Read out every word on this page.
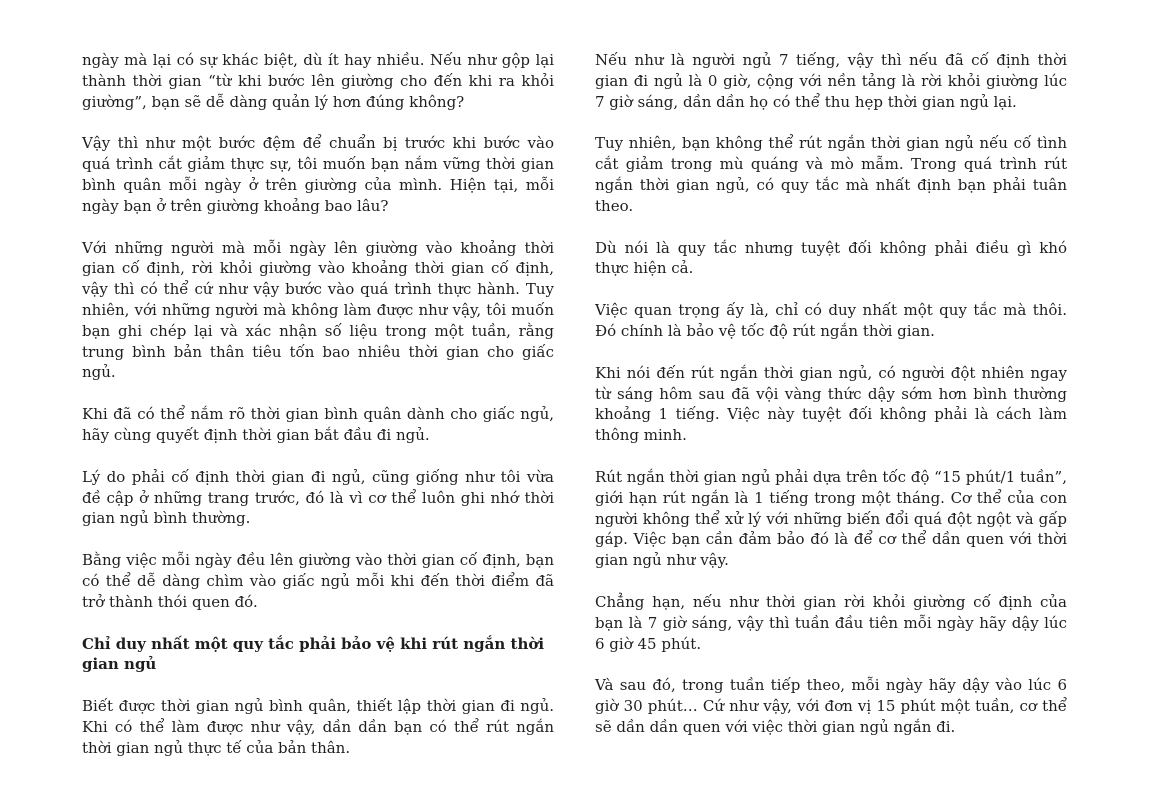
ngày mà lại có sự khác biệt, dù ít hay nhiều. Nếu như gộp lại thành thời gian “từ khi bước lên giường cho đến khi ra khỏi giường”, bạn sẽ dễ dàng quản lý hơn đúng không?

Vậy thì như một bước đệm để chuẩn bị trước khi bước vào quá trình cắt giảm thực sự, tôi muốn bạn nắm vững thời gian bình quân mỗi ngày ở trên giường của mình. Hiện tại, mỗi ngày bạn ở trên giường khoảng bao lâu?

Với những người mà mỗi ngày lên giường vào khoảng thời gian cố định, rời khỏi giường vào khoảng thời gian cố định, vậy thì có thể cứ như vậy bước vào quá trình thực hành. Tuy nhiên, với những người mà không làm được như vậy, tôi muốn bạn ghi chép lại và xác nhận số liệu trong một tuần, rằng trung bình bản thân tiêu tốn bao nhiêu thời gian cho giấc ngủ.

Khi đã có thể nắm rõ thời gian bình quân dành cho giấc ngủ, hãy cùng quyết định thời gian bắt đầu đi ngủ.

Lý do phải cố định thời gian đi ngủ, cũng giống như tôi vừa đề cập ở những trang trước, đó là vì cơ thể luôn ghi nhớ thời gian ngủ bình thường.

Bằng việc mỗi ngày đều lên giường vào thời gian cố định, bạn có thể dễ dàng chìm vào giấc ngủ mỗi khi đến thời điểm đã trở thành thói quen đó.

Chỉ duy nhất một quy tắc phải bảo vệ khi rút ngắn thời gian ngủ

Biết được thời gian ngủ bình quân, thiết lập thời gian đi ngủ. Khi có thể làm được như vậy, dần dần bạn có thể rút ngắn thời gian ngủ thực tế của bản thân.

Nếu như là người ngủ 7 tiếng, vậy thì nếu đã cố định thời gian đi ngủ là 0 giờ, cộng với nền tảng là rời khỏi giường lúc 7 giờ sáng, dần dần họ có thể thu hẹp thời gian ngủ lại.

Tuy nhiên, bạn không thể rút ngắn thời gian ngủ nếu cố tình cắt giảm trong mù quáng và mò mẫm. Trong quá trình rút ngắn thời gian ngủ, có quy tắc mà nhất định bạn phải tuân theo.

Dù nói là quy tắc nhưng tuyệt đối không phải điều gì khó thực hiện cả.

Việc quan trọng ấy là, chỉ có duy nhất một quy tắc mà thôi. Đó chính là bảo vệ tốc độ rút ngắn thời gian.

Khi nói đến rút ngắn thời gian ngủ, có người đột nhiên ngay từ sáng hôm sau đã vội vàng thức dậy sớm hơn bình thường khoảng 1 tiếng. Việc này tuyệt đối không phải là cách làm thông minh.

Rút ngắn thời gian ngủ phải dựa trên tốc độ “15 phút/1 tuần”, giới hạn rút ngắn là 1 tiếng trong một tháng. Cơ thể của con người không thể xử lý với những biến đổi quá đột ngột và gấp gáp. Việc bạn cần đảm bảo đó là để cơ thể dần quen với thời gian ngủ như vậy.

Chẳng hạn, nếu như thời gian rời khỏi giường cố định của bạn là 7 giờ sáng, vậy thì tuần đầu tiên mỗi ngày hãy dậy lúc 6 giờ 45 phút.

Và sau đó, trong tuần tiếp theo, mỗi ngày hãy dậy vào lúc 6 giờ 30 phút… Cứ như vậy, với đơn vị 15 phút một tuần, cơ thể sẽ dần dần quen với việc thời gian ngủ ngắn đi.
